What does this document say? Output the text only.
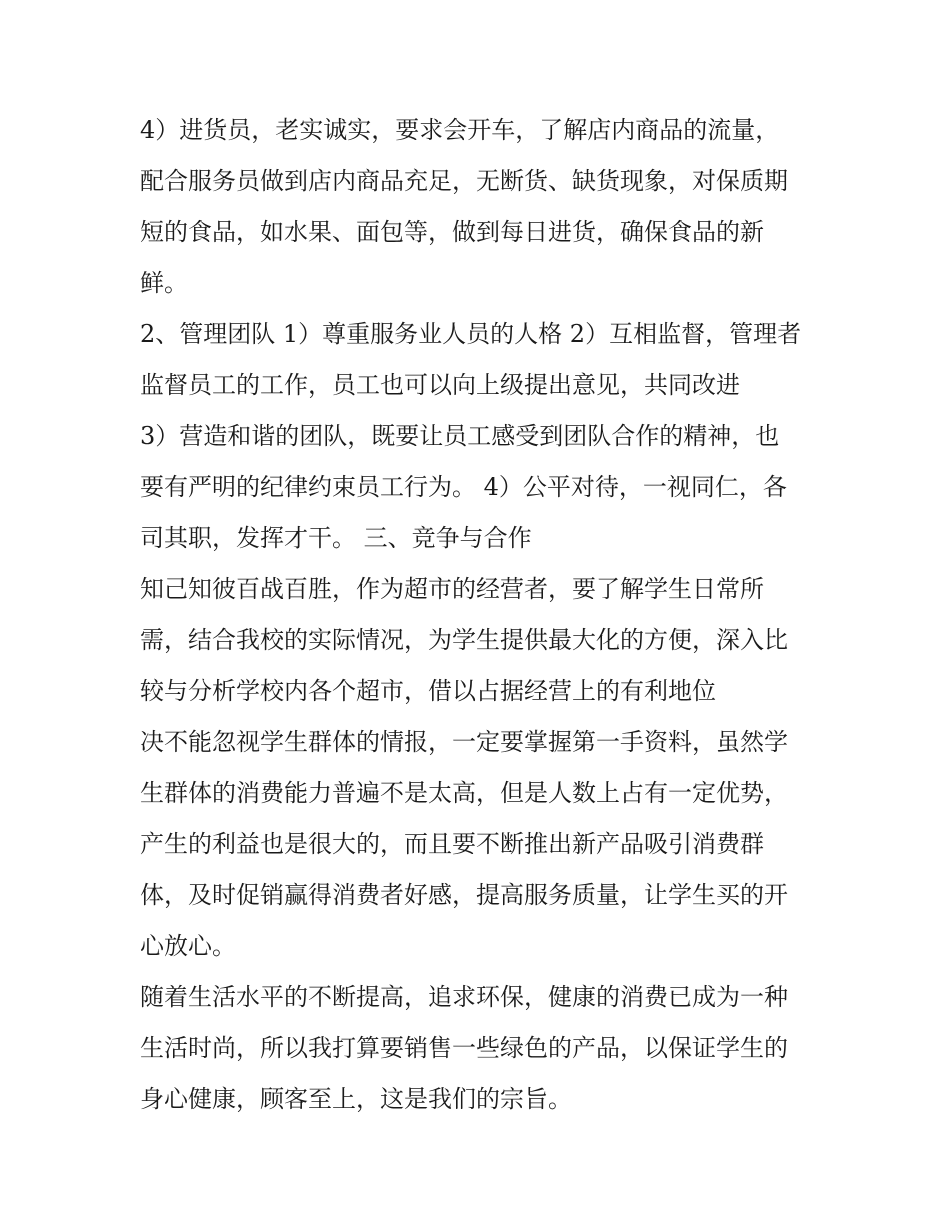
4）进货员，老实诚实，要求会开车，了解店内商品的流量，
配合服务员做到店内商品充足，无断货、缺货现象，对保质期
短的食品，如水果、面包等，做到每日进货，确保食品的新
鲜。
2、管理团队 1）尊重服务业人员的人格 2）互相监督，管理者
监督员工的工作，员工也可以向上级提出意见，共同改进
3）营造和谐的团队，既要让员工感受到团队合作的精神，也
要有严明的纪律约束员工行为。 4）公平对待，一视同仁，各
司其职，发挥才干。 三、竞争与合作
知己知彼百战百胜，作为超市的经营者，要了解学生日常所
需，结合我校的实际情况，为学生提供最大化的方便，深入比
较与分析学校内各个超市，借以占据经营上的有利地位
决不能忽视学生群体的情报，一定要掌握第一手资料，虽然学
生群体的消费能力普遍不是太高，但是人数上占有一定优势，
产生的利益也是很大的，而且要不断推出新产品吸引消费群
体，及时促销赢得消费者好感，提高服务质量，让学生买的开
心放心。
随着生活水平的不断提高，追求环保，健康的消费已成为一种
生活时尚，所以我打算要销售一些绿色的产品，以保证学生的
身心健康，顾客至上，这是我们的宗旨。
